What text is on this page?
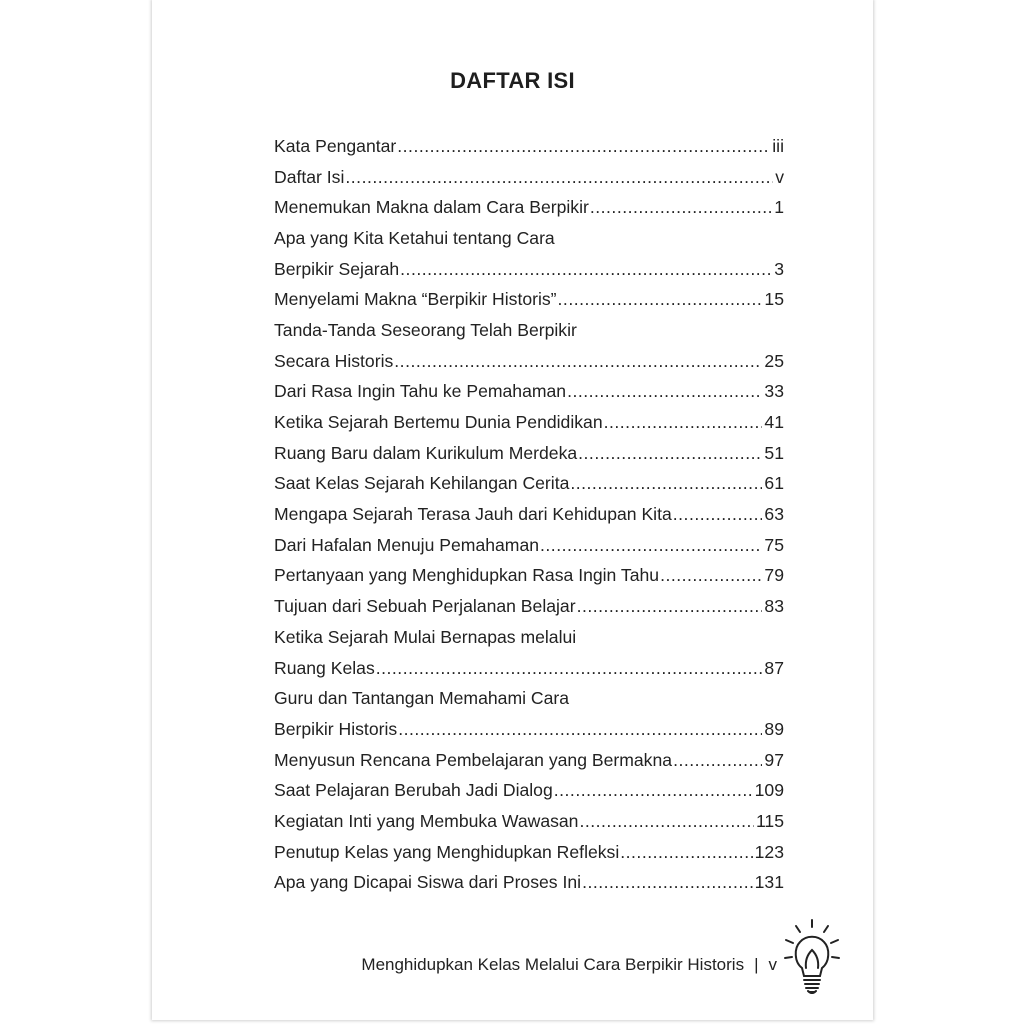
DAFTAR ISI
Kata Pengantar .....	iii
Daftar Isi .....	v
Menemukan Makna dalam Cara Berpikir .....	1
Apa yang Kita Ketahui tentang Cara
Berpikir Sejarah .....	3
Menyelami Makna “Berpikir Historis” .....	15
Tanda-Tanda Seseorang Telah Berpikir
Secara Historis .....	25
Dari Rasa Ingin Tahu ke Pemahaman .....	33
Ketika Sejarah Bertemu Dunia Pendidikan .....	41
Ruang Baru dalam Kurikulum Merdeka .....	51
Saat Kelas Sejarah Kehilangan Cerita .....	61
Mengapa Sejarah Terasa Jauh dari Kehidupan Kita .....	63
Dari Hafalan Menuju Pemahaman .....	75
Pertanyaan yang Menghidupkan Rasa Ingin Tahu .....	79
Tujuan dari Sebuah Perjalanan Belajar .....	83
Ketika Sejarah Mulai Bernapas melalui
Ruang Kelas .....	87
Guru dan Tantangan Memahami Cara
Berpikir Historis .....	89
Menyusun Rencana Pembelajaran yang Bermakna .....	97
Saat Pelajaran Berubah Jadi Dialog .....	109
Kegiatan Inti yang Membuka Wawasan .....	115
Penutup Kelas yang Menghidupkan Refleksi .....	123
Apa yang Dicapai Siswa dari Proses Ini .....	131
Menghidupkan Kelas Melalui Cara Berpikir Historis | v
